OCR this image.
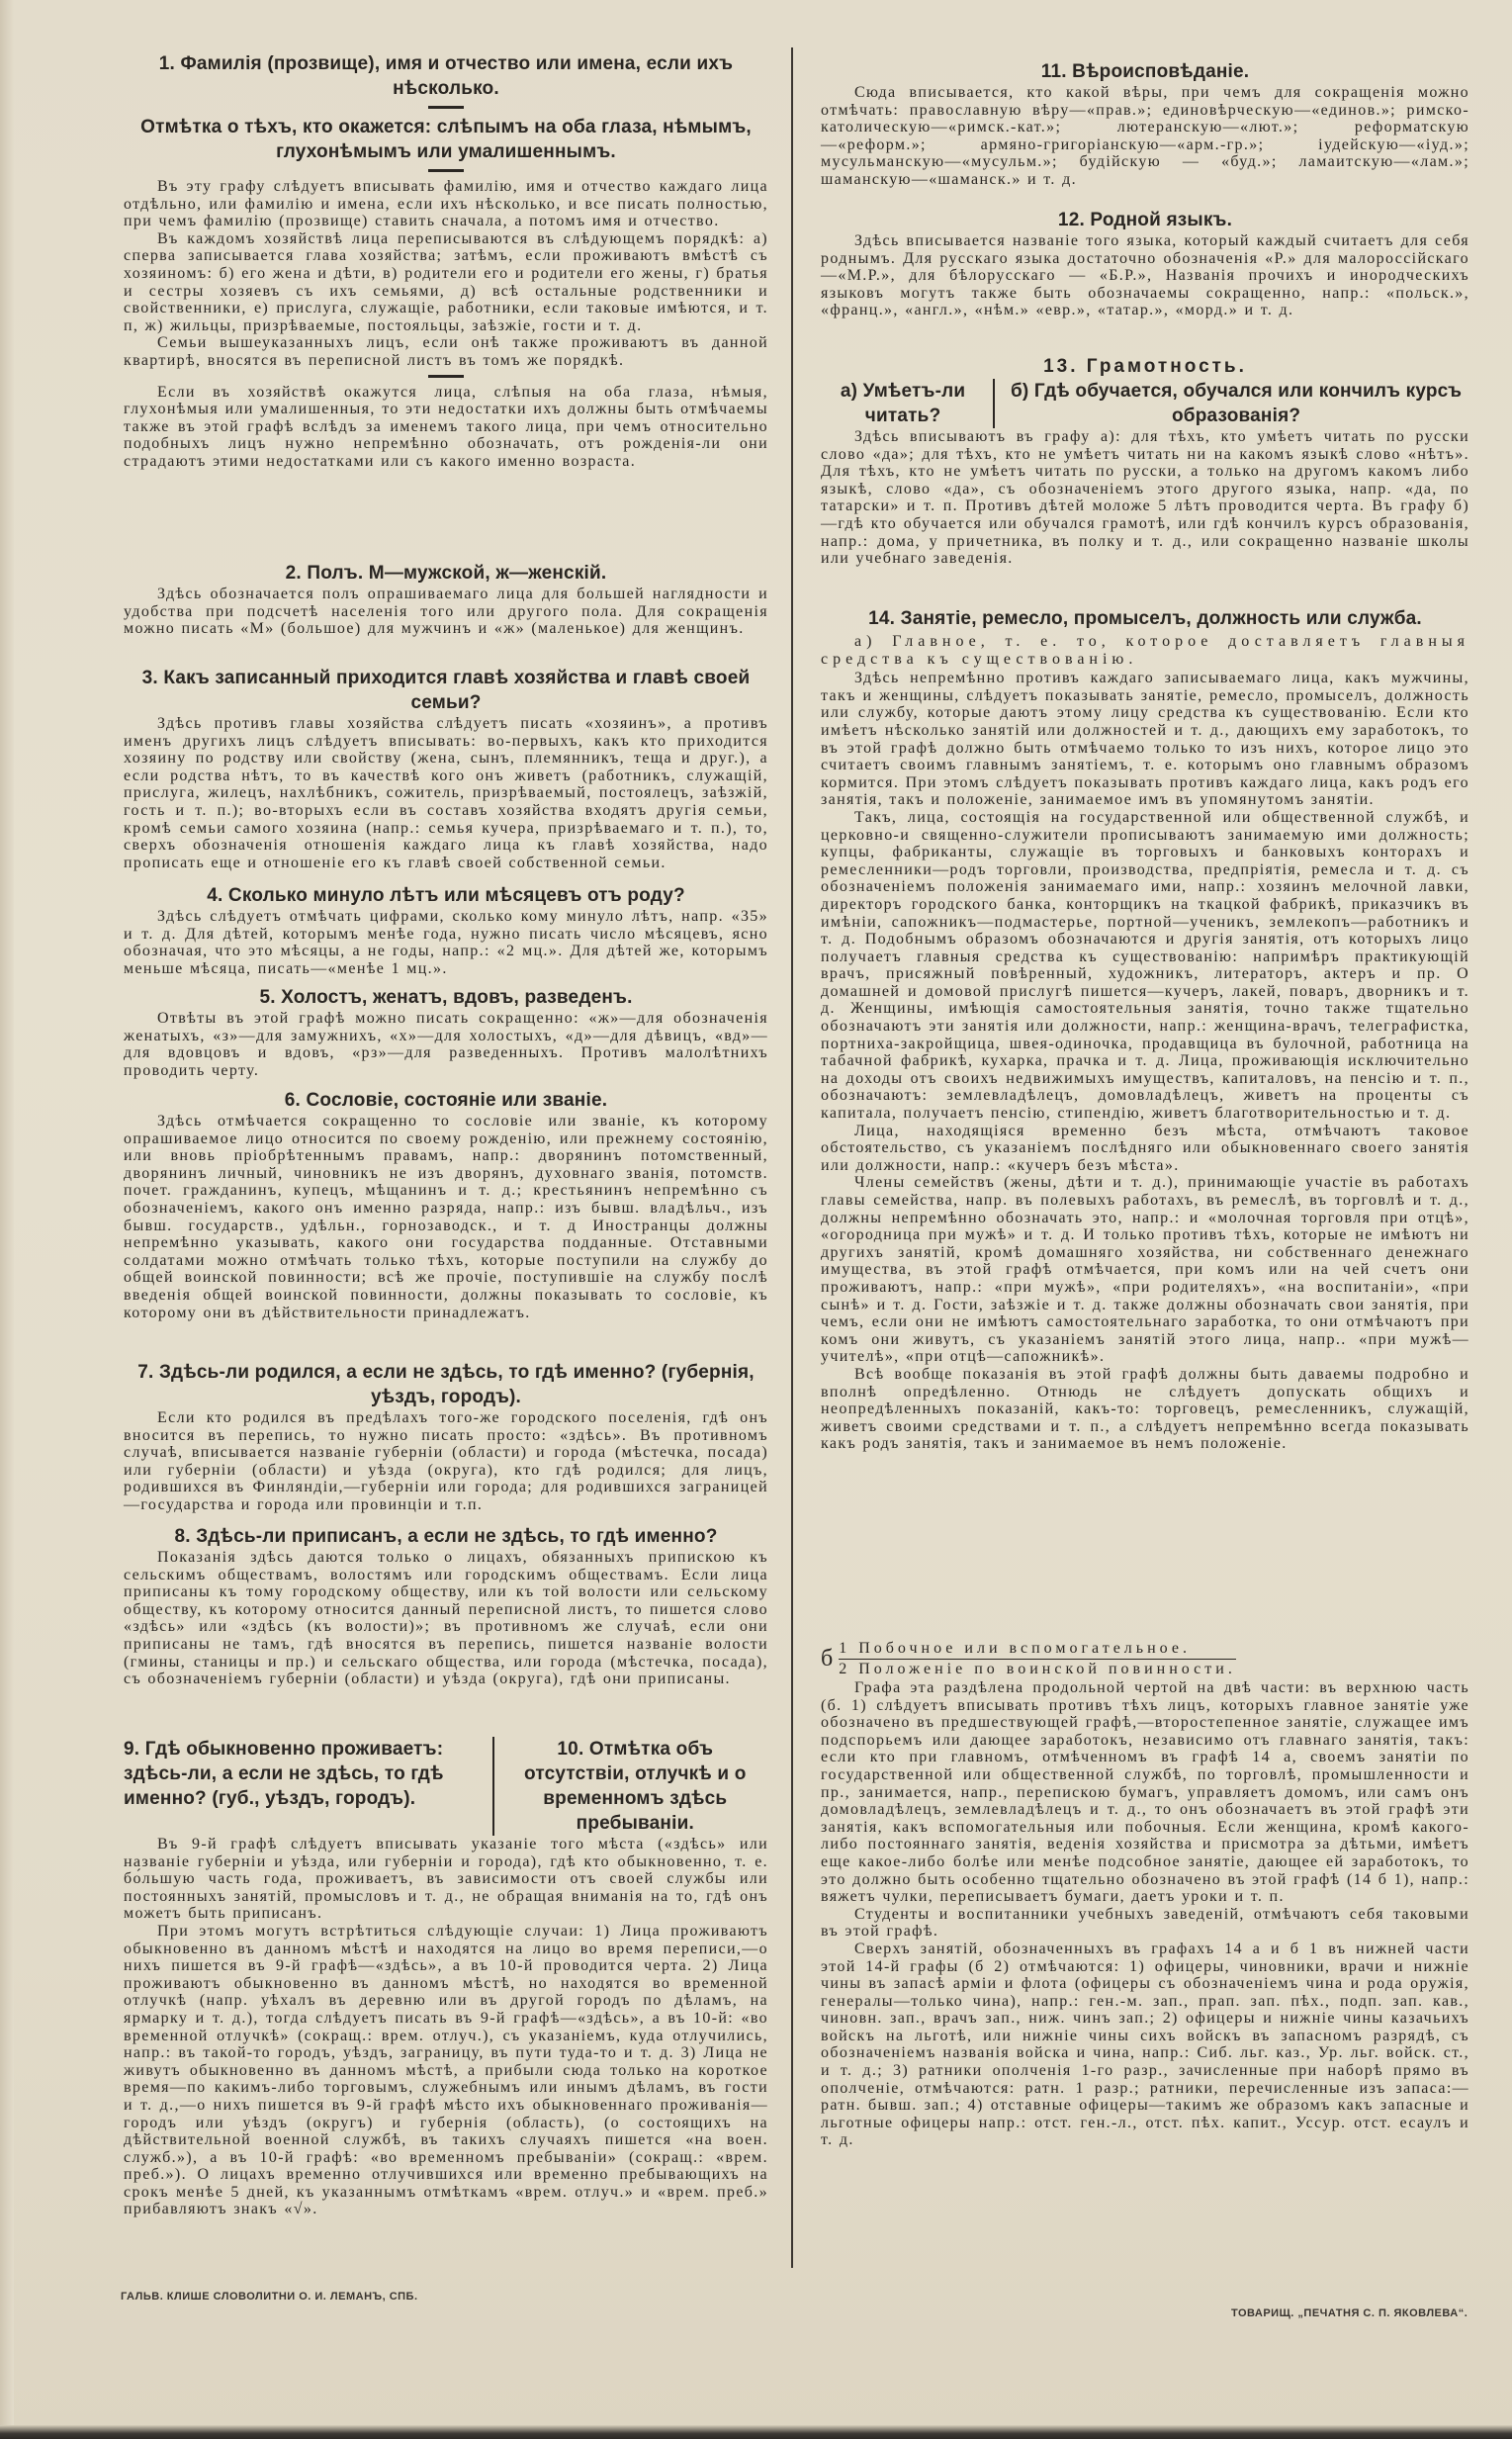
1. Фамилія (прозвище), имя и отчество или имена, если ихъ нѣсколько.
Отмѣтка о тѣхъ, кто окажется: слѣпымъ на оба глаза, нѣмымъ, глухонѣмымъ или умалишеннымъ.

Въ эту графу слѣдуетъ вписывать фамилію, имя и отчество каждаго лица отдѣльно, или фамилію и имена, если ихъ нѣсколько, и все писать полностью, при чемъ фамилію (прозвище) ставить сначала, а потомъ имя и отчество.

Въ каждомъ хозяйствѣ лица переписываются въ слѣдующемъ порядкѣ: а) сперва записывается глава хозяйства; затѣмъ, если проживаютъ вмѣстѣ съ хозяиномъ: б) его жена и дѣти, в) родители его и родители его жены, г) братья и сестры хозяевъ съ ихъ семьями, д) всѣ остальные родственники и свойственники, е) прислуга, служащіе, работники, если таковые имѣются, и т. п, ж) жильцы, призрѣваемые, постояльцы, заѣзжіе, гости и т. д.

Семьи вышеуказанныхъ лицъ, если онѣ также проживаютъ въ данной квартирѣ, вносятся въ переписной листъ въ томъ же порядкѣ.

Если въ хозяйствѣ окажутся лица, слѣпыя на оба глаза, нѣмыя, глухонѣмыя или умалишенныя, то эти недостатки ихъ должны быть отмѣчаемы также въ этой графѣ вслѣдъ за именемъ такого лица, при чемъ относительно подобныхъ лицъ нужно непремѣнно обозначать, отъ рожденія-ли они страдаютъ этими недостатками или съ какого именно возраста.

2. Полъ. М—мужской, ж—женскій.

Здѣсь обозначается полъ опрашиваемаго лица для большей наглядности и удобства при подсчетѣ населенія того или другого пола. Для сокращенія можно писать «М» (большое) для мужчинъ и «ж» (маленькое) для женщинъ.

3. Какъ записанный приходится главѣ хозяйства и главѣ своей семьи?

Здѣсь противъ главы хозяйства слѣдуетъ писать «хозяинъ», а противъ именъ другихъ лицъ слѣдуетъ вписывать: во-первыхъ, какъ кто приходится хозяину по родству или свойству (жена, сынъ, племянникъ, теща и друг.), а если родства нѣтъ, то въ качествѣ кого онъ живетъ (работникъ, служащій, прислуга, жилецъ, нахлѣбникъ, сожитель, призрѣваемый, постоялецъ, заѣзжій, гость и т. п.); во-вторыхъ если въ составъ хозяйства входятъ другія семьи, кромѣ семьи самого хозяина (напр.: семья кучера, призрѣваемаго и т. п.), то, сверхъ обозначенія отношенія каждаго лица къ главѣ хозяйства, надо прописать еще и отношеніе его къ главѣ своей собственной семьи.

4. Сколько минуло лѣтъ или мѣсяцевъ отъ роду?

Здѣсь слѣдуетъ отмѣчать цифрами, сколько кому минуло лѣтъ, напр. «35» и т. д. Для дѣтей, которымъ менѣе года, нужно писать число мѣсяцевъ, ясно обозначая, что это мѣсяцы, а не годы, напр.: «2 мц.». Для дѣтей же, которымъ меньше мѣсяца, писать—«менѣе 1 мц.».

5. Холостъ, женатъ, вдовъ, разведенъ.

Отвѣты въ этой графѣ можно писать сокращенно: «ж»—для обозначенія женатыхъ, «з»—для замужнихъ, «х»—для холостыхъ, «д»—для дѣвицъ, «вд»—для вдовцовъ и вдовъ, «рз»—для разведенныхъ. Противъ малолѣтнихъ проводить черту.

6. Сословіе, состояніе или званіе.

Здѣсь отмѣчается сокращенно то сословіе или званіе, къ которому опрашиваемое лицо относится по своему рожденію, или прежнему состоянію, или вновь пріобрѣтеннымъ правамъ, напр.: дворянинъ потомственный, дворянинъ личный, чиновникъ не изъ дворянъ, духовнаго званія, потомств. почет. гражданинъ, купецъ, мѣщанинъ и т. д.; крестьянинъ непремѣнно съ обозначеніемъ, какого онъ именно разряда, напр.: изъ бывш. владѣльч., изъ бывш. государств., удѣльн., горнозаводск., и т. д Иностранцы должны непремѣнно указывать, какого они государства подданные. Отставными солдатами можно отмѣчать только тѣхъ, которые поступили на службу до общей воинской повинности; всѣ же прочіе, поступившіе на службу послѣ введенія общей воинской повинности, должны показывать то сословіе, къ которому они въ дѣйствительности принадлежатъ.

7. Здѣсь-ли родился, а если не здѣсь, то гдѣ именно? (губернія, уѣздъ, городъ).

Если кто родился въ предѣлахъ того-же городского поселенія, гдѣ онъ вносится въ перепись, то нужно писать просто: «здѣсь». Въ противномъ случаѣ, вписывается названіе губерніи (области) и города (мѣстечка, посада) или губерніи (области) и уѣзда (округа), кто гдѣ родился; для лицъ, родившихся въ Финляндіи,—губерніи или города; для родившихся заграницей—государства и города или провинціи и т.п.

8. Здѣсь-ли приписанъ, а если не здѣсь, то гдѣ именно?

Показанія здѣсь даются только о лицахъ, обязанныхъ припискою къ сельскимъ обществамъ, волостямъ или городскимъ обществамъ. Если лица приписаны къ тому городскому обществу, или къ той волости или сельскому обществу, къ которому относится данный переписной листъ, то пишется слово «здѣсь» или «здѣсь (къ волости)»; въ противномъ же случаѣ, если они приписаны не тамъ, гдѣ вносятся въ перепись, пишется названіе волости (гмины, станицы и пр.) и сельскаго общества, или города (мѣстечка, посада), съ обозначеніемъ губерніи (области) и уѣзда (округа), гдѣ они приписаны.

9. Гдѣ обыкновенно проживаетъ: здѣсь-ли, а если не здѣсь, то гдѣ именно? (губ., уѣздъ, городъ).
10. Отмѣтка объ отсутствіи, отлучкѣ и о временномъ здѣсь пребываніи.

Въ 9-й графѣ слѣдуетъ вписывать указаніе того мѣста («здѣсь» или названіе губерніи и уѣзда, или губерніи и города), гдѣ кто обыкновенно, т. е. бо́льшую часть года, проживаетъ, въ зависимости отъ своей службы или постоянныхъ занятій, промысловъ и т. д., не обращая вниманія на то, гдѣ онъ можетъ быть приписанъ.

При этомъ могутъ встрѣтиться слѣдующіе случаи: 1) Лица проживаютъ обыкновенно въ данномъ мѣстѣ и находятся на лицо во время переписи,—о нихъ пишется въ 9-й графѣ—«здѣсь», а въ 10-й проводится черта. 2) Лица проживаютъ обыкновенно въ данномъ мѣстѣ, но находятся во временной отлучкѣ (напр. уѣхалъ въ деревню или въ другой городъ по дѣламъ, на ярмарку и т. д.), тогда слѣдуетъ писать въ 9-й графѣ—«здѣсь», а въ 10-й: «во временной отлучкѣ» (сокращ.: врем. отлуч.), съ указаніемъ, куда отлучились, напр.: въ такой-то городъ, уѣздъ, заграницу, въ пути туда-то и т. д. 3) Лица не живутъ обыкновенно въ данномъ мѣстѣ, а прибыли сюда только на короткое время—по какимъ-либо торговымъ, служебнымъ или инымъ дѣламъ, въ гости и т. д.,—о нихъ пишется въ 9-й графѣ мѣсто ихъ обыкновеннаго проживанія—городъ или уѣздъ (округъ) и губернія (область), (о состоящихъ на дѣйствительной военной службѣ, въ такихъ случаяхъ пишется «на воен. служб.»), а въ 10-й графѣ: «во временномъ пребываніи» (сокращ.: «врем. преб.»). О лицахъ временно отлучившихся или временно пребывающихъ на срокъ менѣе 5 дней, къ указаннымъ отмѣткамъ «врем. отлуч.» и «врем. преб.» прибавляютъ знакъ «√».

ГАЛЬВ. КЛИШЕ СЛОВОЛИТНИ О. И. ЛЕМАНЪ, СПБ.
11. Вѣроисповѣданіе.

Сюда вписывается, кто какой вѣры, при чемъ для сокращенія можно отмѣчать: православную вѣру—«прав.»; единовѣрческую—«единов.»; римско-католическую—«римск.-кат.»; лютеранскую—«лют.»; реформатскую—«реформ.»; армяно-григоріанскую—«арм.-гр.»; іудейскую—«іуд.»; мусульманскую—«мусульм.»; будійскую — «буд.»; ламаитскую—«лам.»; шаманскую—«шаманск.» и т. д.

12. Родной языкъ.

Здѣсь вписывается названіе того языка, который каждый считаетъ для себя роднымъ. Для русскаго языка достаточно обозначенія «Р.» для малороссійскаго—«М.Р.», для бѣлорусскаго — «Б.Р.», Названія прочихъ и инородческихъ языковъ могутъ также быть обозначаемы сокращенно, напр.: «польск.», «франц.», «англ.», «нѣм.» «евр.», «татар.», «морд.» и т. д.

13. Грамотность.
а) Умѣетъ-ли читать?
б) Гдѣ обучается, обучался или кончилъ курсъ образованія?

Здѣсь вписываютъ въ графу а): для тѣхъ, кто умѣетъ читать по русски слово «да»; для тѣхъ, кто не умѣетъ читать ни на какомъ языкѣ слово «нѣтъ». Для тѣхъ, кто не умѣетъ читать по русски, а только на другомъ какомъ либо языкѣ, слово «да», съ обозначеніемъ этого другого языка, напр. «да, по татарски» и т. п. Противъ дѣтей моложе 5 лѣтъ проводится черта. Въ графу б)—гдѣ кто обучается или обучался грамотѣ, или гдѣ кончилъ курсъ образованія, напр.: дома, у причетника, въ полку и т. д., или сокращенно названіе школы или учебнаго заведенія.

14. Занятіе, ремесло, промыселъ, должность или служба.

а) Главное, т. е. то, которое доставляетъ главныя средства къ существованію.

Здѣсь непремѣнно противъ каждаго записываемаго лица, какъ мужчины, такъ и женщины, слѣдуетъ показывать занятіе, ремесло, промыселъ, должность или службу, которые даютъ этому лицу средства къ существованію. Если кто имѣетъ нѣсколько занятій или должностей и т. д., дающихъ ему заработокъ, то въ этой графѣ должно быть отмѣчаемо только то изъ нихъ, которое лицо это считаетъ своимъ главнымъ занятіемъ, т. е. которымъ оно главнымъ образомъ кормится. При этомъ слѣдуетъ показывать противъ каждаго лица, какъ родъ его занятія, такъ и положеніе, занимаемое имъ въ упомянутомъ занятіи.

Такъ, лица, состоящія на государственной или общественной службѣ, и церковно-и священно-служители прописываютъ занимаемую ими должность; купцы, фабриканты, служащіе въ торговыхъ и банковыхъ конторахъ и ремесленники—родъ торговли, производства, предпріятія, ремесла и т. д. съ обозначеніемъ положенія занимаемаго ими, напр.: хозяинъ мелочной лавки, директоръ городского банка, конторщикъ на ткацкой фабрикѣ, приказчикъ въ имѣніи, сапожникъ—подмастерье, портной—ученикъ, землекопъ—работникъ и т. д. Подобнымъ образомъ обозначаются и другія занятія, отъ которыхъ лицо получаетъ главныя средства къ существованію: напримѣръ практикующій врачъ, присяжный повѣренный, художникъ, литераторъ, актеръ и пр. О домашней и домовой прислугѣ пишется—кучеръ, лакей, поваръ, дворникъ и т. д. Женщины, имѣющія самостоятельныя занятія, точно также тщательно обозначаютъ эти занятія или должности, напр.: женщина-врачъ, телеграфистка, портниха-закройщица, швея-одиночка, продавщица въ булочной, работница на табачной фабрикѣ, кухарка, прачка и т. д. Лица, проживающія исключительно на доходы отъ своихъ недвижимыхъ имуществъ, капиталовъ, на пенсію и т. п., обозначаютъ: землевладѣлецъ, домовладѣлецъ, живетъ на проценты съ капитала, получаетъ пенсію, стипендію, живетъ благотворительностью и т. д.

Лица, находящіяся временно безъ мѣста, отмѣчаютъ таковое обстоятельство, съ указаніемъ послѣдняго или обыкновеннаго своего занятія или должности, напр.: «кучеръ безъ мѣста».

Члены семействъ (жены, дѣти и т. д.), принимающіе участіе въ работахъ главы семейства, напр. въ полевыхъ работахъ, въ ремеслѣ, въ торговлѣ и т. д., должны непремѣнно обозначать это, напр.: и «молочная торговля при отцѣ», «огородница при мужѣ» и т. д. И только противъ тѣхъ, которые не имѣютъ ни другихъ занятій, кромѣ домашняго хозяйства, ни собственнаго денежнаго имущества, въ этой графѣ отмѣчается, при комъ или на чей счетъ они проживаютъ, напр.: «при мужѣ», «при родителяхъ», «на воспитаніи», «при сынѣ» и т. д. Гости, заѣзжіе и т. д. также должны обозначать свои занятія, при чемъ, если они не имѣютъ самостоятельнаго заработка, то они отмѣчаютъ при комъ они живутъ, съ указаніемъ занятій этого лица, напр.. «при мужѣ—учителѣ», «при отцѣ—сапожникѣ».

Всѣ вообще показанія въ этой графѣ должны быть даваемы подробно и вполнѣ опредѣленно. Отнюдь не слѣдуетъ допускать общихъ и неопредѣленныхъ показаній, какъ-то: торговецъ, ремесленникъ, служащій, живетъ своими средствами и т. п., а слѣдуетъ непремѣнно всегда показывать какъ родъ занятія, такъ и занимаемое въ немъ положеніе.

б 1 Побочное или вспомогательное.
2 Положеніе по воинской повинности.

Графа эта раздѣлена продольной чертой на двѣ части: въ верхнюю часть (б. 1) слѣдуетъ вписывать противъ тѣхъ лицъ, которыхъ главное занятіе уже обозначено въ предшествующей графѣ,—второстепенное занятіе, служащее имъ подспорьемъ или дающее заработокъ, независимо отъ главнаго занятія, такъ: если кто при главномъ, отмѣченномъ въ графѣ 14 а, своемъ занятіи по государственной или общественной службѣ, по торговлѣ, промышленности и пр., занимается, напр., перепискою бумагъ, управляетъ домомъ, или самъ онъ домовладѣлецъ, землевладѣлецъ и т. д., то онъ обозначаетъ въ этой графѣ эти занятія, какъ вспомогательныя или побочныя. Если женщина, кромѣ какого-либо постояннаго занятія, веденія хозяйства и присмотра за дѣтьми, имѣетъ еще какое-либо болѣе или менѣе подсобное занятіе, дающее ей заработокъ, то это должно быть особенно тщательно обозначено въ этой графѣ (14 б 1), напр.: вяжетъ чулки, переписываетъ бумаги, даетъ уроки и т. п.

Студенты и воспитанники учебныхъ заведеній, отмѣчаютъ себя таковыми въ этой графѣ.

Сверхъ занятій, обозначенныхъ въ графахъ 14 а и б 1 въ нижней части этой 14-й графы (б 2) отмѣчаются: 1) офицеры, чиновники, врачи и нижніе чины въ запасѣ арміи и флота (офицеры съ обозначеніемъ чина и рода оружія, генералы—только чина), напр.: ген.-м. зап., прап. зап. пѣх., подп. зап. кав., чиновн. зап., врачъ зап., ниж. чинъ зап.; 2) офицеры и нижніе чины казачьихъ войскъ на льготѣ, или нижніе чины сихъ войскъ въ запасномъ разрядѣ, съ обозначеніемъ названія войска и чина, напр.: Сиб. льг. каз., Ур. льг. войск. ст., и т. д.; 3) ратники ополченія 1-го разр., зачисленные при наборѣ прямо въ ополченіе, отмѣчаются: ратн. 1 разр.; ратники, перечисленные изъ запаса:—ратн. бывш. зап.; 4) отставные офицеры—такимъ же образомъ какъ запасные и льготные офицеры напр.: отст. ген.-л., отст. пѣх. капит., Уссур. отст. есаулъ и т. д.

ТОВАРИЩ. „ПЕЧАТНЯ С. П. ЯКОВЛЕВА“.
